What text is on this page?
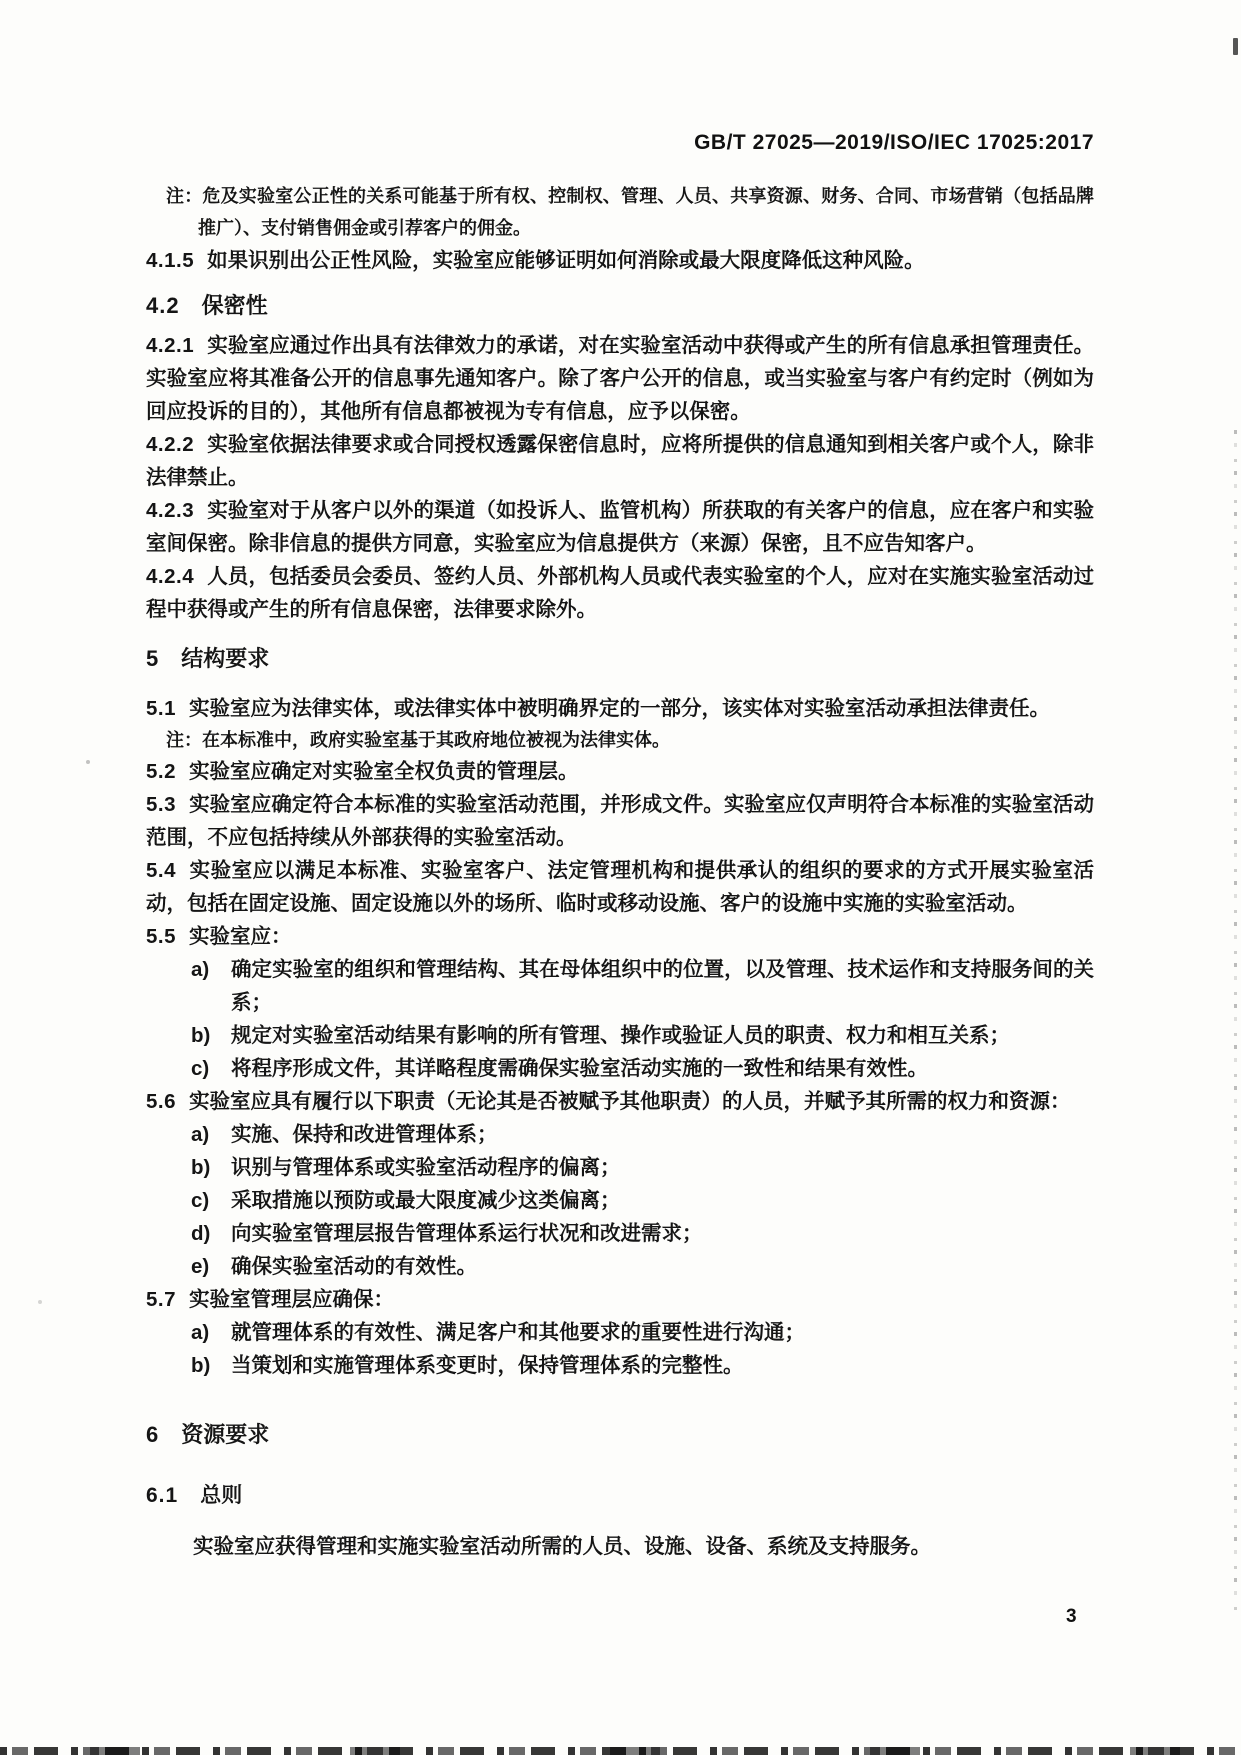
GB/T 27025—2019/ISO/IEC 17025:2017
注：危及实验室公正性的关系可能基于所有权、控制权、管理、人员、共享资源、财务、合同、市场营销（包括品牌推广）、支付销售佣金或引荐客户的佣金。
4.1.5 如果识别出公正性风险，实验室应能够证明如何消除或最大限度降低这种风险。
4.2 保密性
4.2.1 实验室应通过作出具有法律效力的承诺，对在实验室活动中获得或产生的所有信息承担管理责任。实验室应将其准备公开的信息事先通知客户。除了客户公开的信息，或当实验室与客户有约定时（例如为回应投诉的目的），其他所有信息都被视为专有信息，应予以保密。
4.2.2 实验室依据法律要求或合同授权透露保密信息时，应将所提供的信息通知到相关客户或个人，除非法律禁止。
4.2.3 实验室对于从客户以外的渠道（如投诉人、监管机构）所获取的有关客户的信息，应在客户和实验室间保密。除非信息的提供方同意，实验室应为信息提供方（来源）保密，且不应告知客户。
4.2.4 人员，包括委员会委员、签约人员、外部机构人员或代表实验室的个人，应对在实施实验室活动过程中获得或产生的所有信息保密，法律要求除外。
5 结构要求
5.1 实验室应为法律实体，或法律实体中被明确界定的一部分，该实体对实验室活动承担法律责任。
注：在本标准中，政府实验室基于其政府地位被视为法律实体。
5.2 实验室应确定对实验室全权负责的管理层。
5.3 实验室应确定符合本标准的实验室活动范围，并形成文件。实验室应仅声明符合本标准的实验室活动范围，不应包括持续从外部获得的实验室活动。
5.4 实验室应以满足本标准、实验室客户、法定管理机构和提供承认的组织的要求的方式开展实验室活动，包括在固定设施、固定设施以外的场所、临时或移动设施、客户的设施中实施的实验室活动。
5.5 实验室应：
a)	确定实验室的组织和管理结构、其在母体组织中的位置，以及管理、技术运作和支持服务间的关系；
b)	规定对实验室活动结果有影响的所有管理、操作或验证人员的职责、权力和相互关系；
c)	将程序形成文件，其详略程度需确保实验室活动实施的一致性和结果有效性。
5.6 实验室应具有履行以下职责（无论其是否被赋予其他职责）的人员，并赋予其所需的权力和资源：
a)	实施、保持和改进管理体系；
b)	识别与管理体系或实验室活动程序的偏离；
c)	采取措施以预防或最大限度减少这类偏离；
d)	向实验室管理层报告管理体系运行状况和改进需求；
e)	确保实验室活动的有效性。
5.7 实验室管理层应确保：
a)	就管理体系的有效性、满足客户和其他要求的重要性进行沟通；
b)	当策划和实施管理体系变更时，保持管理体系的完整性。
6 资源要求
6.1 总则
实验室应获得管理和实施实验室活动所需的人员、设施、设备、系统及支持服务。
3
